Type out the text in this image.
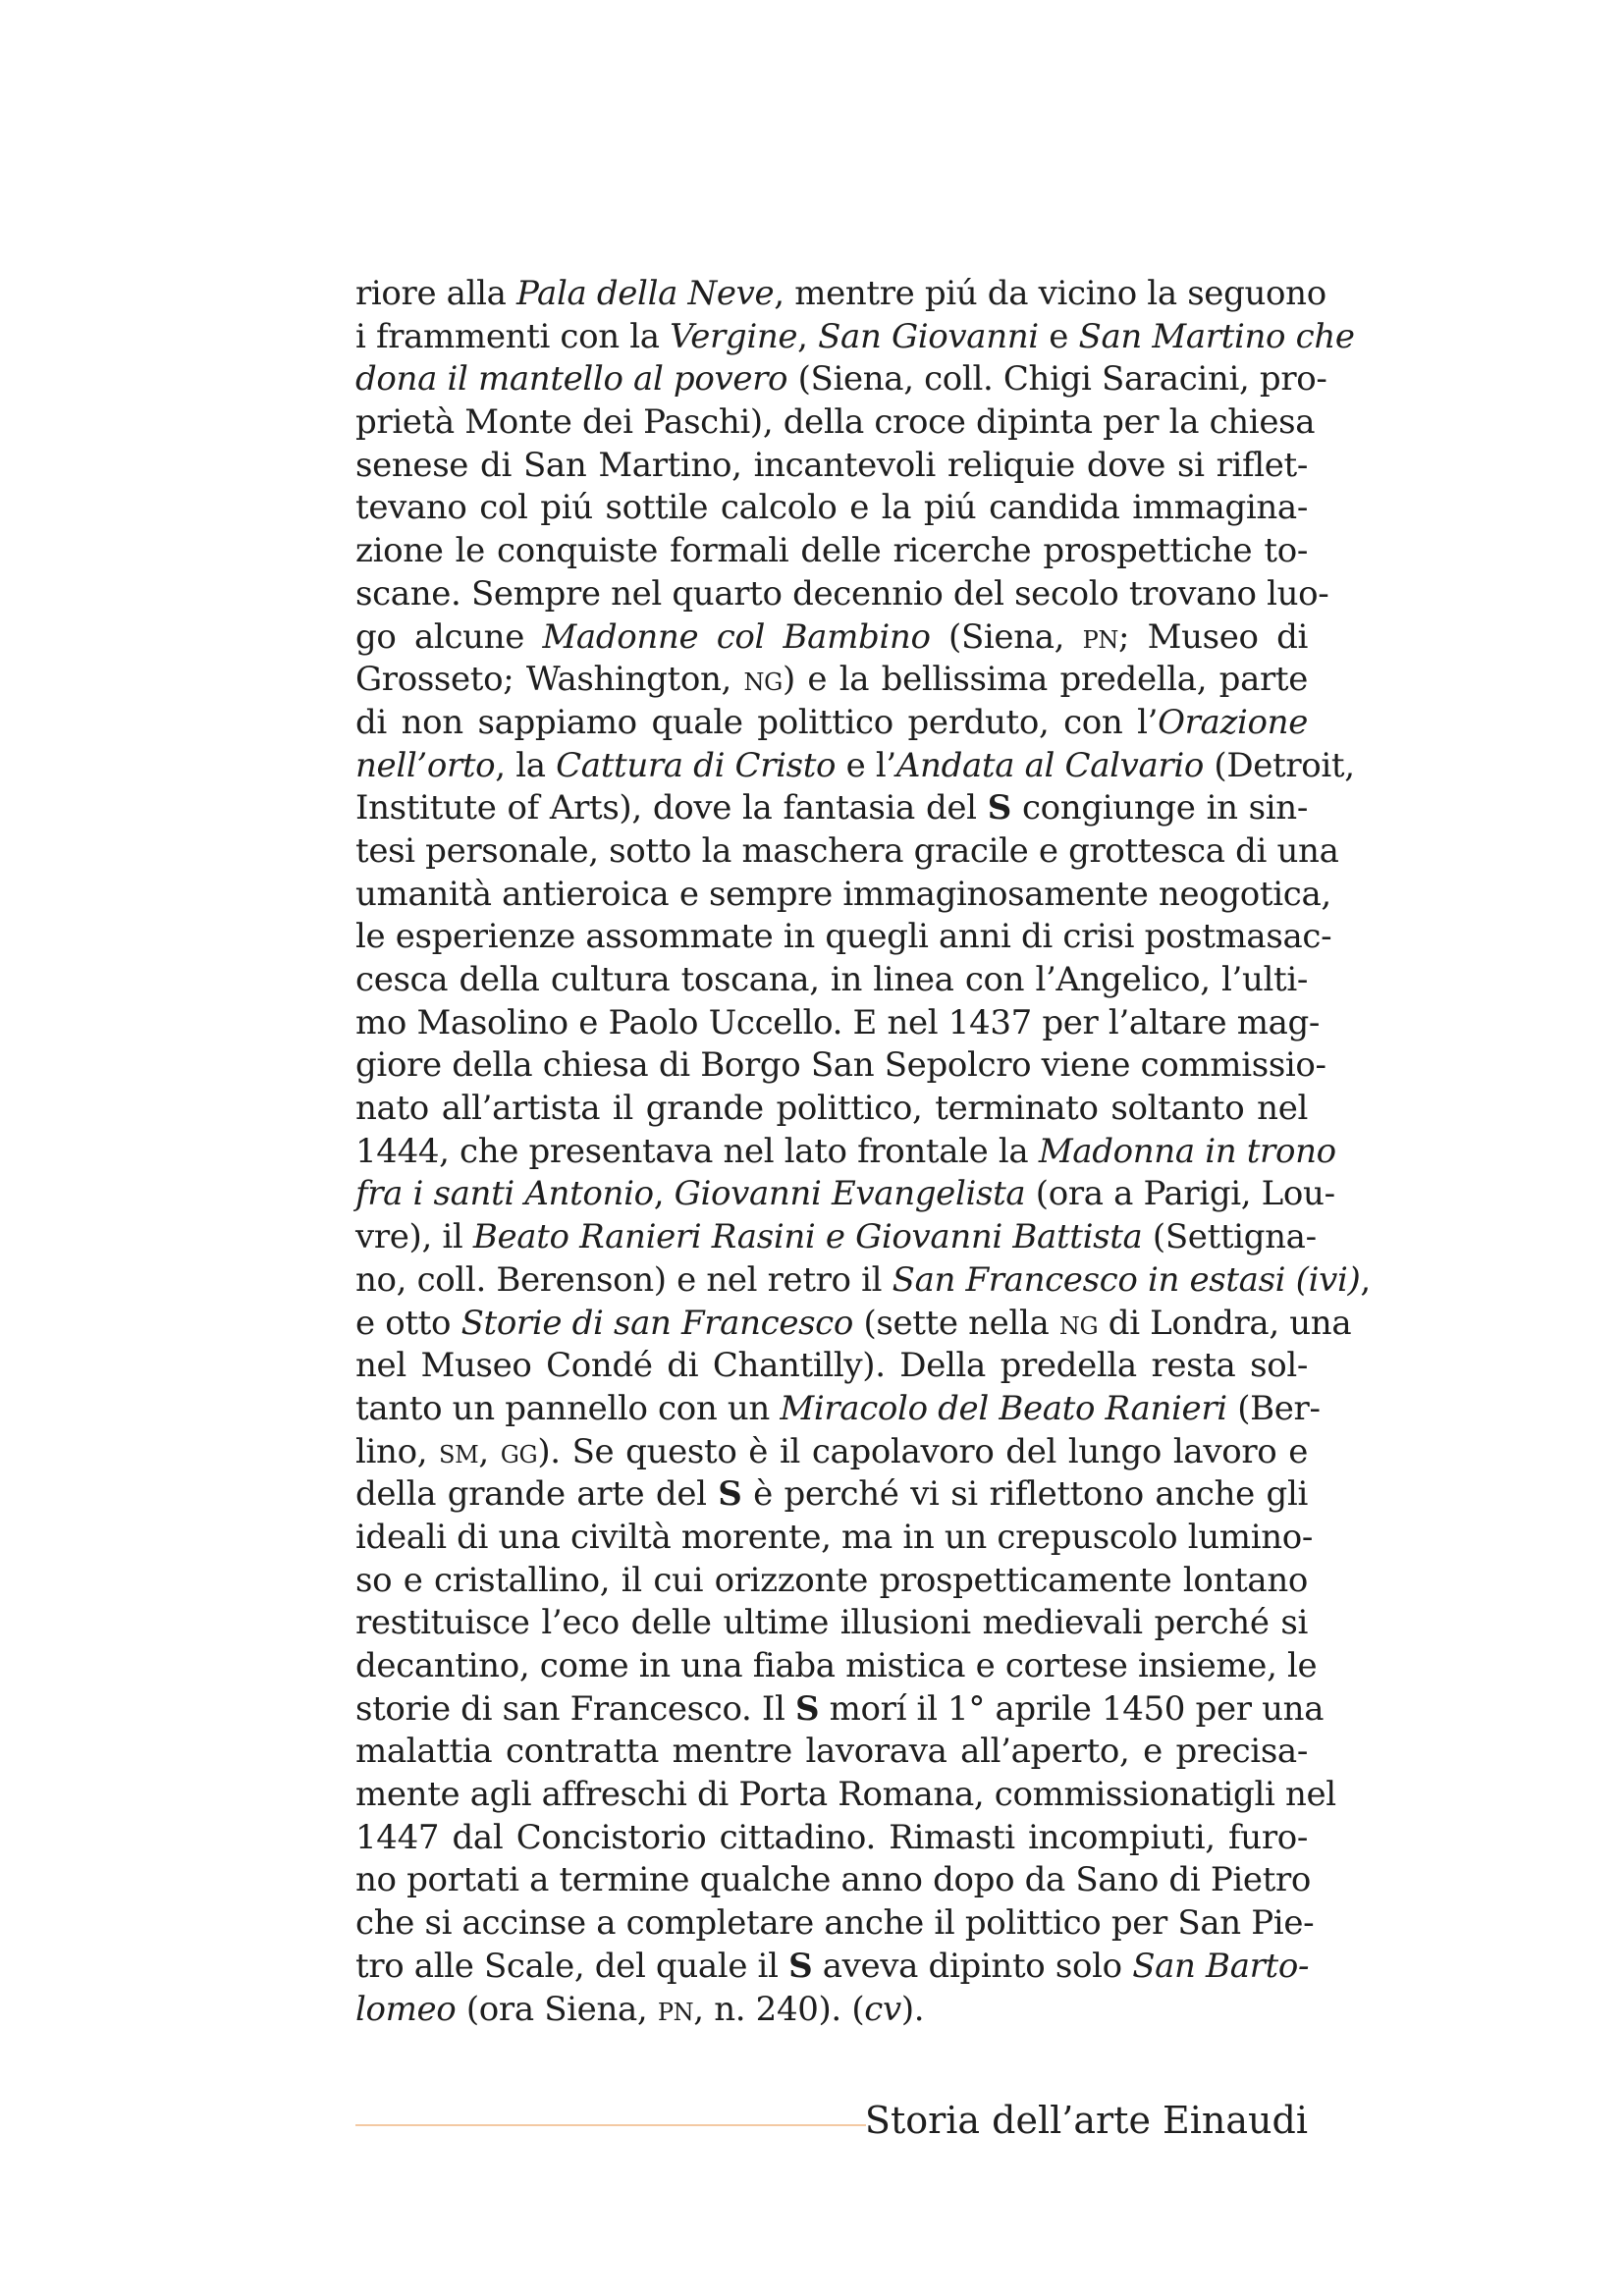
riore alla Pala della Neve, mentre piú da vicino la seguono
i frammenti con la Vergine, San Giovanni e San Martino che
dona il mantello al povero (Siena, coll. Chigi Saracini, pro-
prietà Monte dei Paschi), della croce dipinta per la chiesa
senese di San Martino, incantevoli reliquie dove si riflet-
tevano col piú sottile calcolo e la piú candida immagina-
zione le conquiste formali delle ricerche prospettiche to-
scane. Sempre nel quarto decennio del secolo trovano luo-
go alcune Madonne col Bambino (Siena, pn; Museo di
Grosseto; Washington, ng) e la bellissima predella, parte
di non sappiamo quale polittico perduto, con l’Orazione
nell’orto, la Cattura di Cristo e l’Andata al Calvario (Detroit,
Institute of Arts), dove la fantasia del S congiunge in sin-
tesi personale, sotto la maschera gracile e grottesca di una
umanità antieroica e sempre immaginosamente neogotica,
le esperienze assommate in quegli anni di crisi postmasac-
cesca della cultura toscana, in linea con l’Angelico, l’ulti-
mo Masolino e Paolo Uccello. E nel 1437 per l’altare mag-
giore della chiesa di Borgo San Sepolcro viene commissio-
nato all’artista il grande polittico, terminato soltanto nel
1444, che presentava nel lato frontale la Madonna in trono
fra i santi Antonio, Giovanni Evangelista (ora a Parigi, Lou-
vre), il Beato Ranieri Rasini e Giovanni Battista (Settigna-
no, coll. Berenson) e nel retro il San Francesco in estasi (ivi),
e otto Storie di san Francesco (sette nella ng di Londra, una
nel Museo Condé di Chantilly). Della predella resta sol-
tanto un pannello con un Miracolo del Beato Ranieri (Ber-
lino, sm, gg). Se questo è il capolavoro del lungo lavoro e
della grande arte del S è perché vi si riflettono anche gli
ideali di una civiltà morente, ma in un crepuscolo lumino-
so e cristallino, il cui orizzonte prospetticamente lontano
restituisce l’eco delle ultime illusioni medievali perché si
decantino, come in una fiaba mistica e cortese insieme, le
storie di san Francesco. Il S morí il 1° aprile 1450 per una
malattia contratta mentre lavorava all’aperto, e precisa-
mente agli affreschi di Porta Romana, commissionatigli nel
1447 dal Concistorio cittadino. Rimasti incompiuti, furo-
no portati a termine qualche anno dopo da Sano di Pietro
che si accinse a completare anche il polittico per San Pie-
tro alle Scale, del quale il S aveva dipinto solo San Barto-
lomeo (ora Siena, pn, n. 240). (cv).
Storia dell’arte Einaudi
